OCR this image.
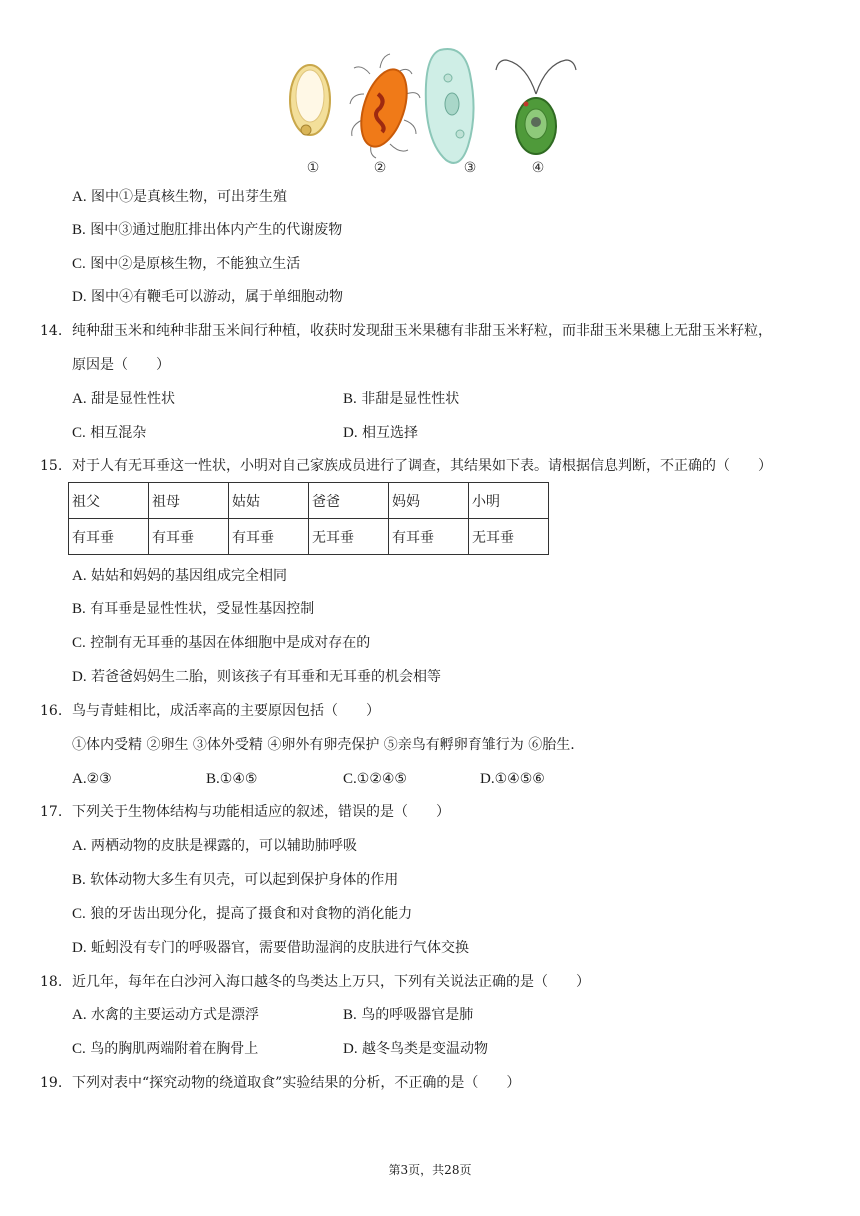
①	②	③	④
A. 图中①是真核生物，可出芽生殖
B. 图中③通过胞肛排出体内产生的代谢废物
C. 图中②是原核生物，不能独立生活
D. 图中④有鞭毛可以游动，属于单细胞动物
14. 纯种甜玉米和纯种非甜玉米间行种植，收获时发现甜玉米果穗有非甜玉米籽粒，而非甜玉米果穗上无甜玉米籽粒，
原因是（　　）
A. 甜是显性性状	B. 非甜是显性性状
C. 相互混杂	D. 相互选择
15. 对于人有无耳垂这一性状，小明对自己家族成员进行了调查，其结果如下表。请根据信息判断，不正确的（　　）
祖父	祖母	姑姑	爸爸	妈妈	小明
有耳垂	有耳垂	有耳垂	无耳垂	有耳垂	无耳垂
A. 姑姑和妈妈的基因组成完全相同
B. 有耳垂是显性性状，受显性基因控制
C. 控制有无耳垂的基因在体细胞中是成对存在的
D. 若爸爸妈妈生二胎，则该孩子有耳垂和无耳垂的机会相等
16. 鸟与青蛙相比，成活率高的主要原因包括（　　）
①体内受精 ②卵生 ③体外受精 ④卵外有卵壳保护 ⑤亲鸟有孵卵育雏行为 ⑥胎生.
A.②③	B.①④⑤	C.①②④⑤	D.①④⑤⑥
17. 下列关于生物体结构与功能相适应的叙述，错误的是（　　）
A. 两栖动物的皮肤是裸露的，可以辅助肺呼吸
B. 软体动物大多生有贝壳，可以起到保护身体的作用
C. 狼的牙齿出现分化，提高了摄食和对食物的消化能力
D. 蚯蚓没有专门的呼吸器官，需要借助湿润的皮肤进行气体交换
18. 近几年，每年在白沙河入海口越冬的鸟类达上万只，下列有关说法正确的是（　　）
A. 水禽的主要运动方式是漂浮	B. 鸟的呼吸器官是肺
C. 鸟的胸肌两端附着在胸骨上	D. 越冬鸟类是变温动物
19. 下列对表中“探究动物的绕道取食”实验结果的分析，不正确的是（　　）
第3页，共28页
